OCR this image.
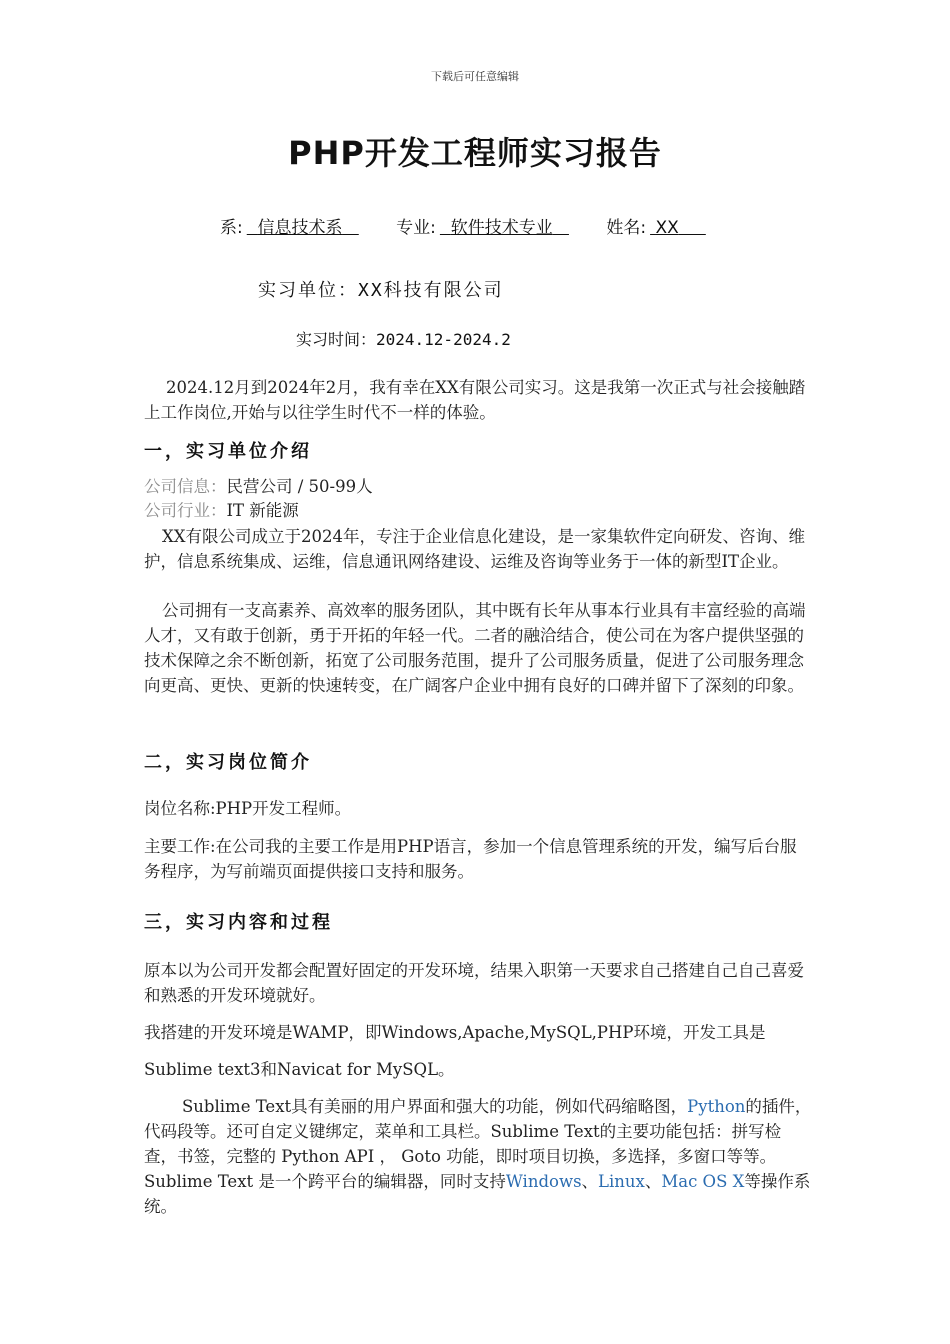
下载后可任意编辑
PHP开发工程师实习报告
系: 信息技术系	专业: 软件技术专业	姓名: XX
实习单位：XX科技有限公司
实习时间：2024.12-2024.2
2024.12月到2024年2月，我有幸在XX有限公司实习。这是我第一次正式与社会接触踏上工作岗位,开始与以往学生时代不一样的体验。
一，实习单位介绍
公司信息：民营公司 / 50-99人
公司行业：IT 新能源
XX有限公司成立于2024年，专注于企业信息化建设，是一家集软件定向研发、咨询、维护，信息系统集成、运维，信息通讯网络建设、运维及咨询等业务于一体的新型IT企业。
公司拥有一支高素养、高效率的服务团队，其中既有长年从事本行业具有丰富经验的高端人才，又有敢于创新，勇于开拓的年轻一代。二者的融洽结合，使公司在为客户提供坚强的技术保障之余不断创新，拓宽了公司服务范围，提升了公司服务质量，促进了公司服务理念向更高、更快、更新的快速转变，在广阔客户企业中拥有良好的口碑并留下了深刻的印象。
二，实习岗位简介
岗位名称:PHP开发工程师。
主要工作:在公司我的主要工作是用PHP语言，参加一个信息管理系统的开发，编写后台服务程序，为写前端页面提供接口支持和服务。
三，实习内容和过程
原本以为公司开发都会配置好固定的开发环境，结果入职第一天要求自己搭建自己自己喜爱和熟悉的开发环境就好。
我搭建的开发环境是WAMP，即Windows,Apache,MySQL,PHP环境，开发工具是
Sublime text3和Navicat for MySQL。
Sublime Text具有美丽的用户界面和强大的功能，例如代码缩略图，Python的插件，代码段等。还可自定义键绑定，菜单和工具栏。Sublime Text的主要功能包括：拼写检查，书签，完整的 Python API ， Goto 功能，即时项目切换，多选择，多窗口等等。Sublime Text 是一个跨平台的编辑器，同时支持Windows、Linux、Mac OS X等操作系统。
